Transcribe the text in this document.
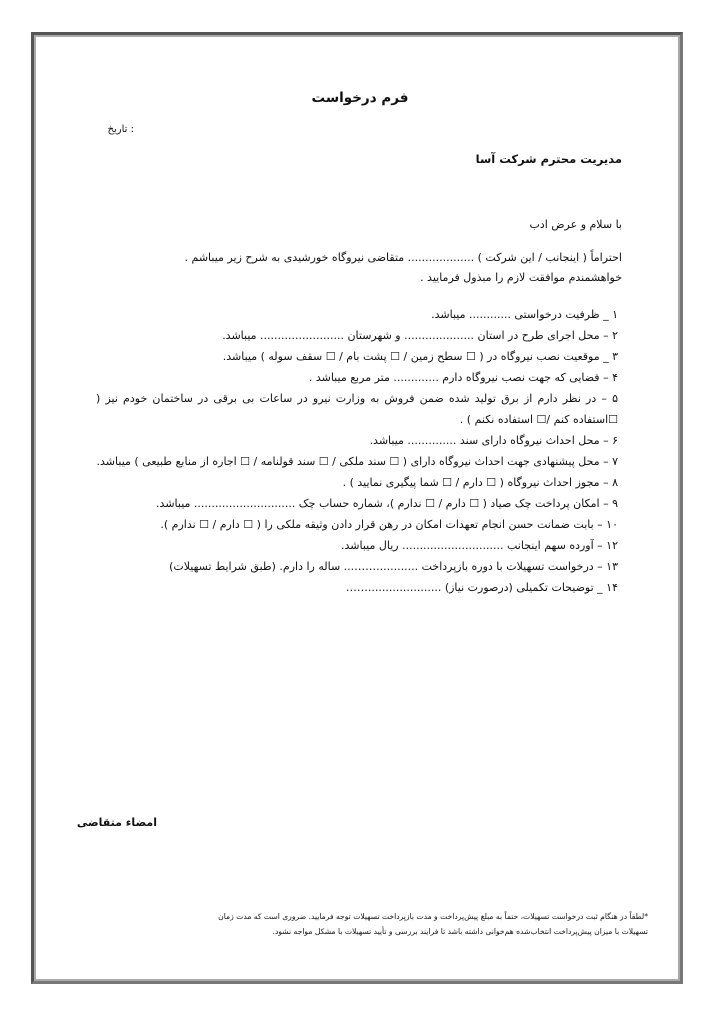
فرم درخواست
: تاریخ
مدیریت محترم شرکت آسا
با سلام و عرض ادب
احتراماً ( اینجانب / این شرکت ) ................... متقاضی نیروگاه خورشیدی به شرح زیر میباشم .
خواهشمندم موافقت لازم را مبذول فرمایید .
۱ _ ظرفیت درخواستی ............ میباشد.
۲ – محل اجرای طرح در استان .................... و شهرستان ........................ میباشد.
۳ _ موقعیت نصب نیروگاه در ( ☐ سطح زمین / ☐ پشت بام / ☐ سقف سوله ) میباشد.
۴ – فضایی که جهت نصب نیروگاه دارم ............. متر مربع میباشد .
۵ – در نظر دارم از برق تولید شده ضمن فروش به وزارت نیرو در ساعات بی برقی در ساختمان خودم نیز ( ☐استفاده کنم /☐ استفاده نکنم ) .
۶ – محل احداث نیروگاه دارای سند .............. میباشد.
۷ – محل پیشنهادی جهت احداث نیروگاه دارای ( ☐ سند ملکی / ☐ سند قولنامه / ☐ اجاره از منابع طبیعی ) میباشد.
۸ – مجوز احداث نیروگاه ( ☐ دارم / ☐ شما پیگیری نمایید ) .
۹ – امکان پرداخت چک صیاد ( ☐ دارم / ☐ ندارم )، شماره حساب چک ............................. میباشد.
۱۰ – بابت ضمانت حسن انجام تعهدات امکان در رهن قرار دادن وثیقه ملکی را ( ☐ دارم / ☐ ندارم ).
۱۲ – آورده سهم اینجانب ............................. ریال میباشد.
۱۳ – درخواست تسهیلات با دوره بازپرداخت ............……... ساله را دارم. (طبق شرایط تسهیلات)
۱۴ _ توضیحات تکمیلی (درصورت نیاز) .....................……
امضاء متقاضی
*لطفاً در هنگام ثبت درخواست تسهیلات، حتماً به مبلغ پیش‌پرداخت و مدت بازپرداخت تسهیلات توجه فرمایید. ضروری است که مدت زمان
تسهیلات با میزان پیش‌پرداخت انتخاب‌شده هم‌خوانی داشته باشد تا فرایند بررسی و تأیید تسهیلات با مشکل مواجه نشود.
